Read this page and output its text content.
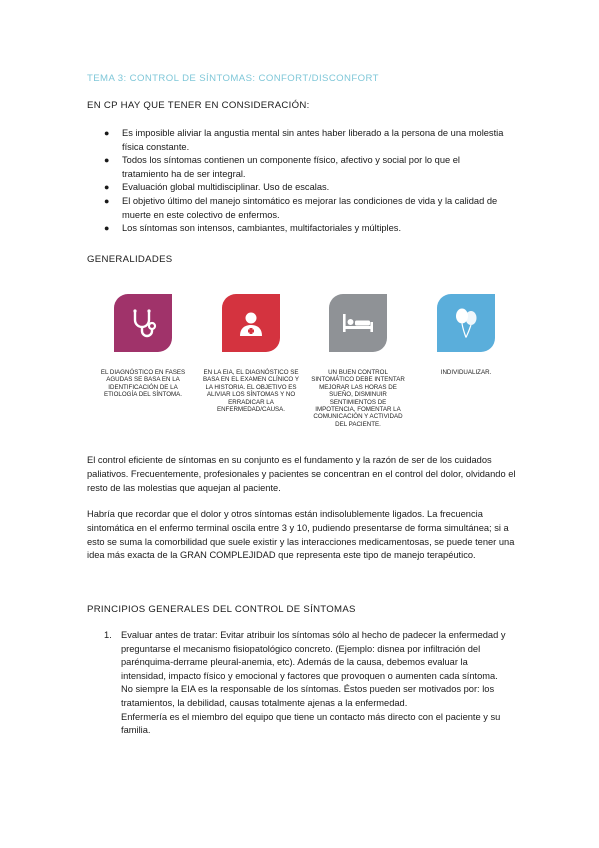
TEMA 3: CONTROL DE SÍNTOMAS: CONFORT/DISCONFORT
EN CP HAY QUE TENER EN CONSIDERACIÓN:
● Es imposible aliviar la angustia mental sin antes haber liberado a la persona de una molestia física constante.
● Todos los síntomas contienen un componente físico, afectivo y social por lo que el tratamiento ha de ser integral.
● Evaluación global multidisciplinar. Uso de escalas.
● El objetivo último del manejo sintomático es mejorar las condiciones de vida y la calidad de muerte en este colectivo de enfermos.
● Los síntomas son intensos, cambiantes, multifactoriales y múltiples.
GENERALIDADES
EL DIAGNÓSTICO EN FASES AGUDAS SE BASA EN LA IDENTIFICACIÓN DE LA ETIOLOGÍA DEL SÍNTOMA.
EN LA EIA, EL DIAGNÓSTICO SE BASA EN EL EXAMEN CLÍNICO Y LA HISTORIA. EL OBJETIVO ES ALIVIAR LOS SÍNTOMAS Y NO ERRADICAR LA ENFERMEDAD/CAUSA.
UN BUEN CONTROL SINTOMÁTICO DEBE INTENTAR MEJORAR LAS HORAS DE SUEÑO, DISMINUIR SENTIMIENTOS DE IMPOTENCIA, FOMENTAR LA COMUNICACIÓN Y ACTIVIDAD DEL PACIENTE.
INDIVIDUALIZAR.

El control eficiente de síntomas en su conjunto es el fundamento y la razón de ser de los cuidados paliativos. Frecuentemente, profesionales y pacientes se concentran en el control del dolor, olvidando el resto de las molestias que aquejan al paciente.

Habría que recordar que el dolor y otros síntomas están indisolublemente ligados. La frecuencia sintomática en el enfermo terminal oscila entre 3 y 10, pudiendo presentarse de forma simultánea; si a esto se suma la comorbilidad que suele existir y las interacciones medicamentosas, se puede tener una idea más exacta de la GRAN COMPLEJIDAD que representa este tipo de manejo terapéutico.

PRINCIPIOS GENERALES DEL CONTROL DE SÍNTOMAS
1. Evaluar antes de tratar: Evitar atribuir los síntomas sólo al hecho de padecer la enfermedad y preguntarse el mecanismo fisiopatológico concreto. (Ejemplo: disnea por infiltración del parénquima-derrame pleural-anemia, etc). Además de la causa, debemos evaluar la intensidad, impacto físico y emocional y factores que provoquen o aumenten cada síntoma.

No siempre la EIA es la responsable de los síntomas. Éstos pueden ser motivados por: los tratamientos, la debilidad, causas totalmente ajenas a la enfermedad.

Enfermería es el miembro del equipo que tiene un contacto más directo con el paciente y su familia.
